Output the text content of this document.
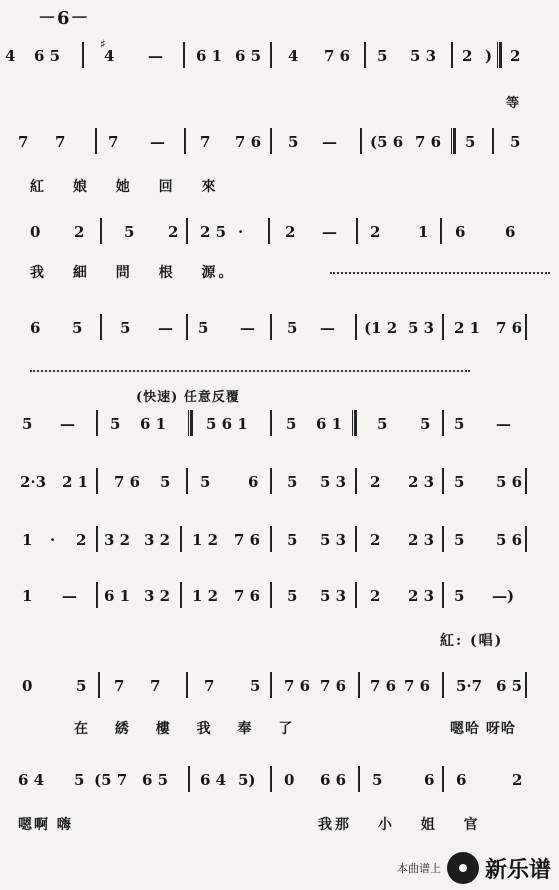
－6－
♯
4 6 5	4 — 6 1 6 5 4 7 6 5 5 3 2 ) 2
7 7	7 — 7 7 6 5 — (5 6 7 6 5 5
等
紅 娘 她 回 來
0 2	5 2 2 5 ·	2 — 2	1 6	6
我 細 問 根 源。
6 5	5 — 5 — 5 — (1 2 5 3 2 1 7 6
(快速) 任意反覆
5 — 5 6 1	5 6 1	5 6 1 5 5 5 —
2·3 2 1 7 6 5 5	6 5 5 3 2 2 3 5 5 6
1 · 2 3 2 3 2 1 2 7 6 5 5 3 2 2 3 5 5 6
1 — 6 1 3 2 1 2 7 6 5 5 3 2 2 3 5 —)
紅: (唱)
0	5 7 7	7 5 7 6 7 6 7 6 7 6 5·7 6 5
在 綉 樓 我 奉 了	嗯哈 呀哈
6 4 5 (5 7 6 5 6 4 5) 0 6 6 5	6 6	2
嗯啊 嗨	我那 小 姐 官
本曲谱上 新乐谱
